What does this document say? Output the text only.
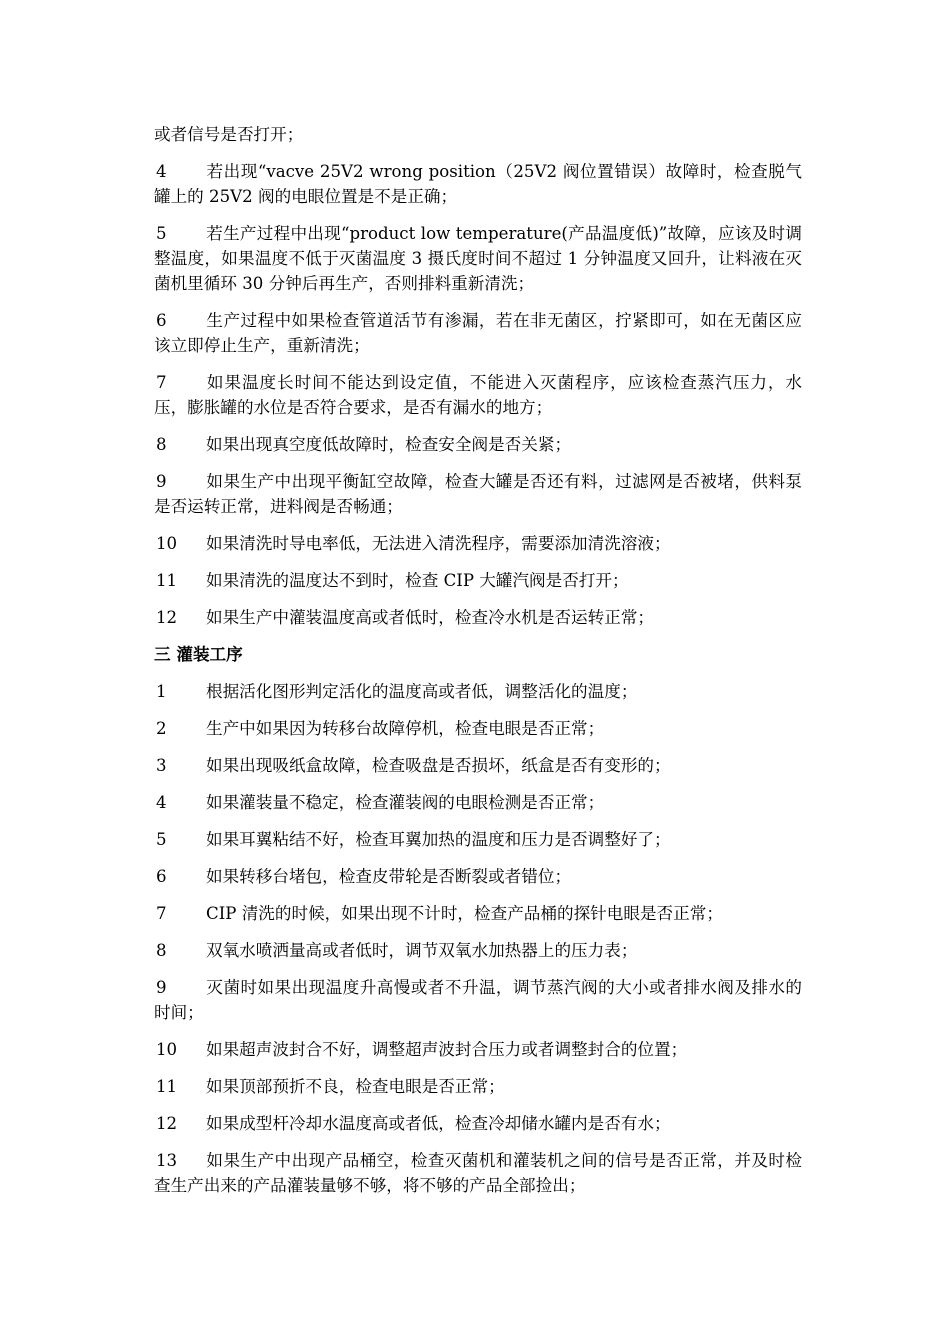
或者信号是否打开；

4 若出现“vacve 25V2 wrong position（25V2 阀位置错误）故障时，检查脱气罐上的 25V2 阀的电眼位置是不是正确；

5 若生产过程中出现“product low temperature(产品温度低)”故障，应该及时调整温度，如果温度不低于灭菌温度 3 摄氏度时间不超过 1 分钟温度又回升，让料液在灭菌机里循环 30 分钟后再生产，否则排料重新清洗；

6 生产过程中如果检查管道活节有渗漏，若在非无菌区，拧紧即可，如在无菌区应该立即停止生产，重新清洗；

7 如果温度长时间不能达到设定值，不能进入灭菌程序，应该检查蒸汽压力，水压，膨胀罐的水位是否符合要求，是否有漏水的地方；

8 如果出现真空度低故障时，检查安全阀是否关紧；

9 如果生产中出现平衡缸空故障，检查大罐是否还有料，过滤网是否被堵，供料泵是否运转正常，进料阀是否畅通；

10 如果清洗时导电率低，无法进入清洗程序，需要添加清洗溶液；

11 如果清洗的温度达不到时，检查 CIP 大罐汽阀是否打开；

12 如果生产中灌装温度高或者低时，检查冷水机是否运转正常；

三 灌装工序

1 根据活化图形判定活化的温度高或者低，调整活化的温度；

2 生产中如果因为转移台故障停机，检查电眼是否正常；

3 如果出现吸纸盒故障，检查吸盘是否损坏，纸盒是否有变形的；

4 如果灌装量不稳定，检查灌装阀的电眼检测是否正常；

5 如果耳翼粘结不好，检查耳翼加热的温度和压力是否调整好了；

6 如果转移台堵包，检查皮带轮是否断裂或者错位；

7 CIP 清洗的时候，如果出现不计时，检查产品桶的探针电眼是否正常；

8 双氧水喷洒量高或者低时，调节双氧水加热器上的压力表；

9 灭菌时如果出现温度升高慢或者不升温，调节蒸汽阀的大小或者排水阀及排水的时间；

10 如果超声波封合不好，调整超声波封合压力或者调整封合的位置；

11 如果顶部预折不良，检查电眼是否正常；

12 如果成型杆冷却水温度高或者低，检查冷却储水罐内是否有水；

13 如果生产中出现产品桶空，检查灭菌机和灌装机之间的信号是否正常，并及时检查生产出来的产品灌装量够不够，将不够的产品全部捡出；
